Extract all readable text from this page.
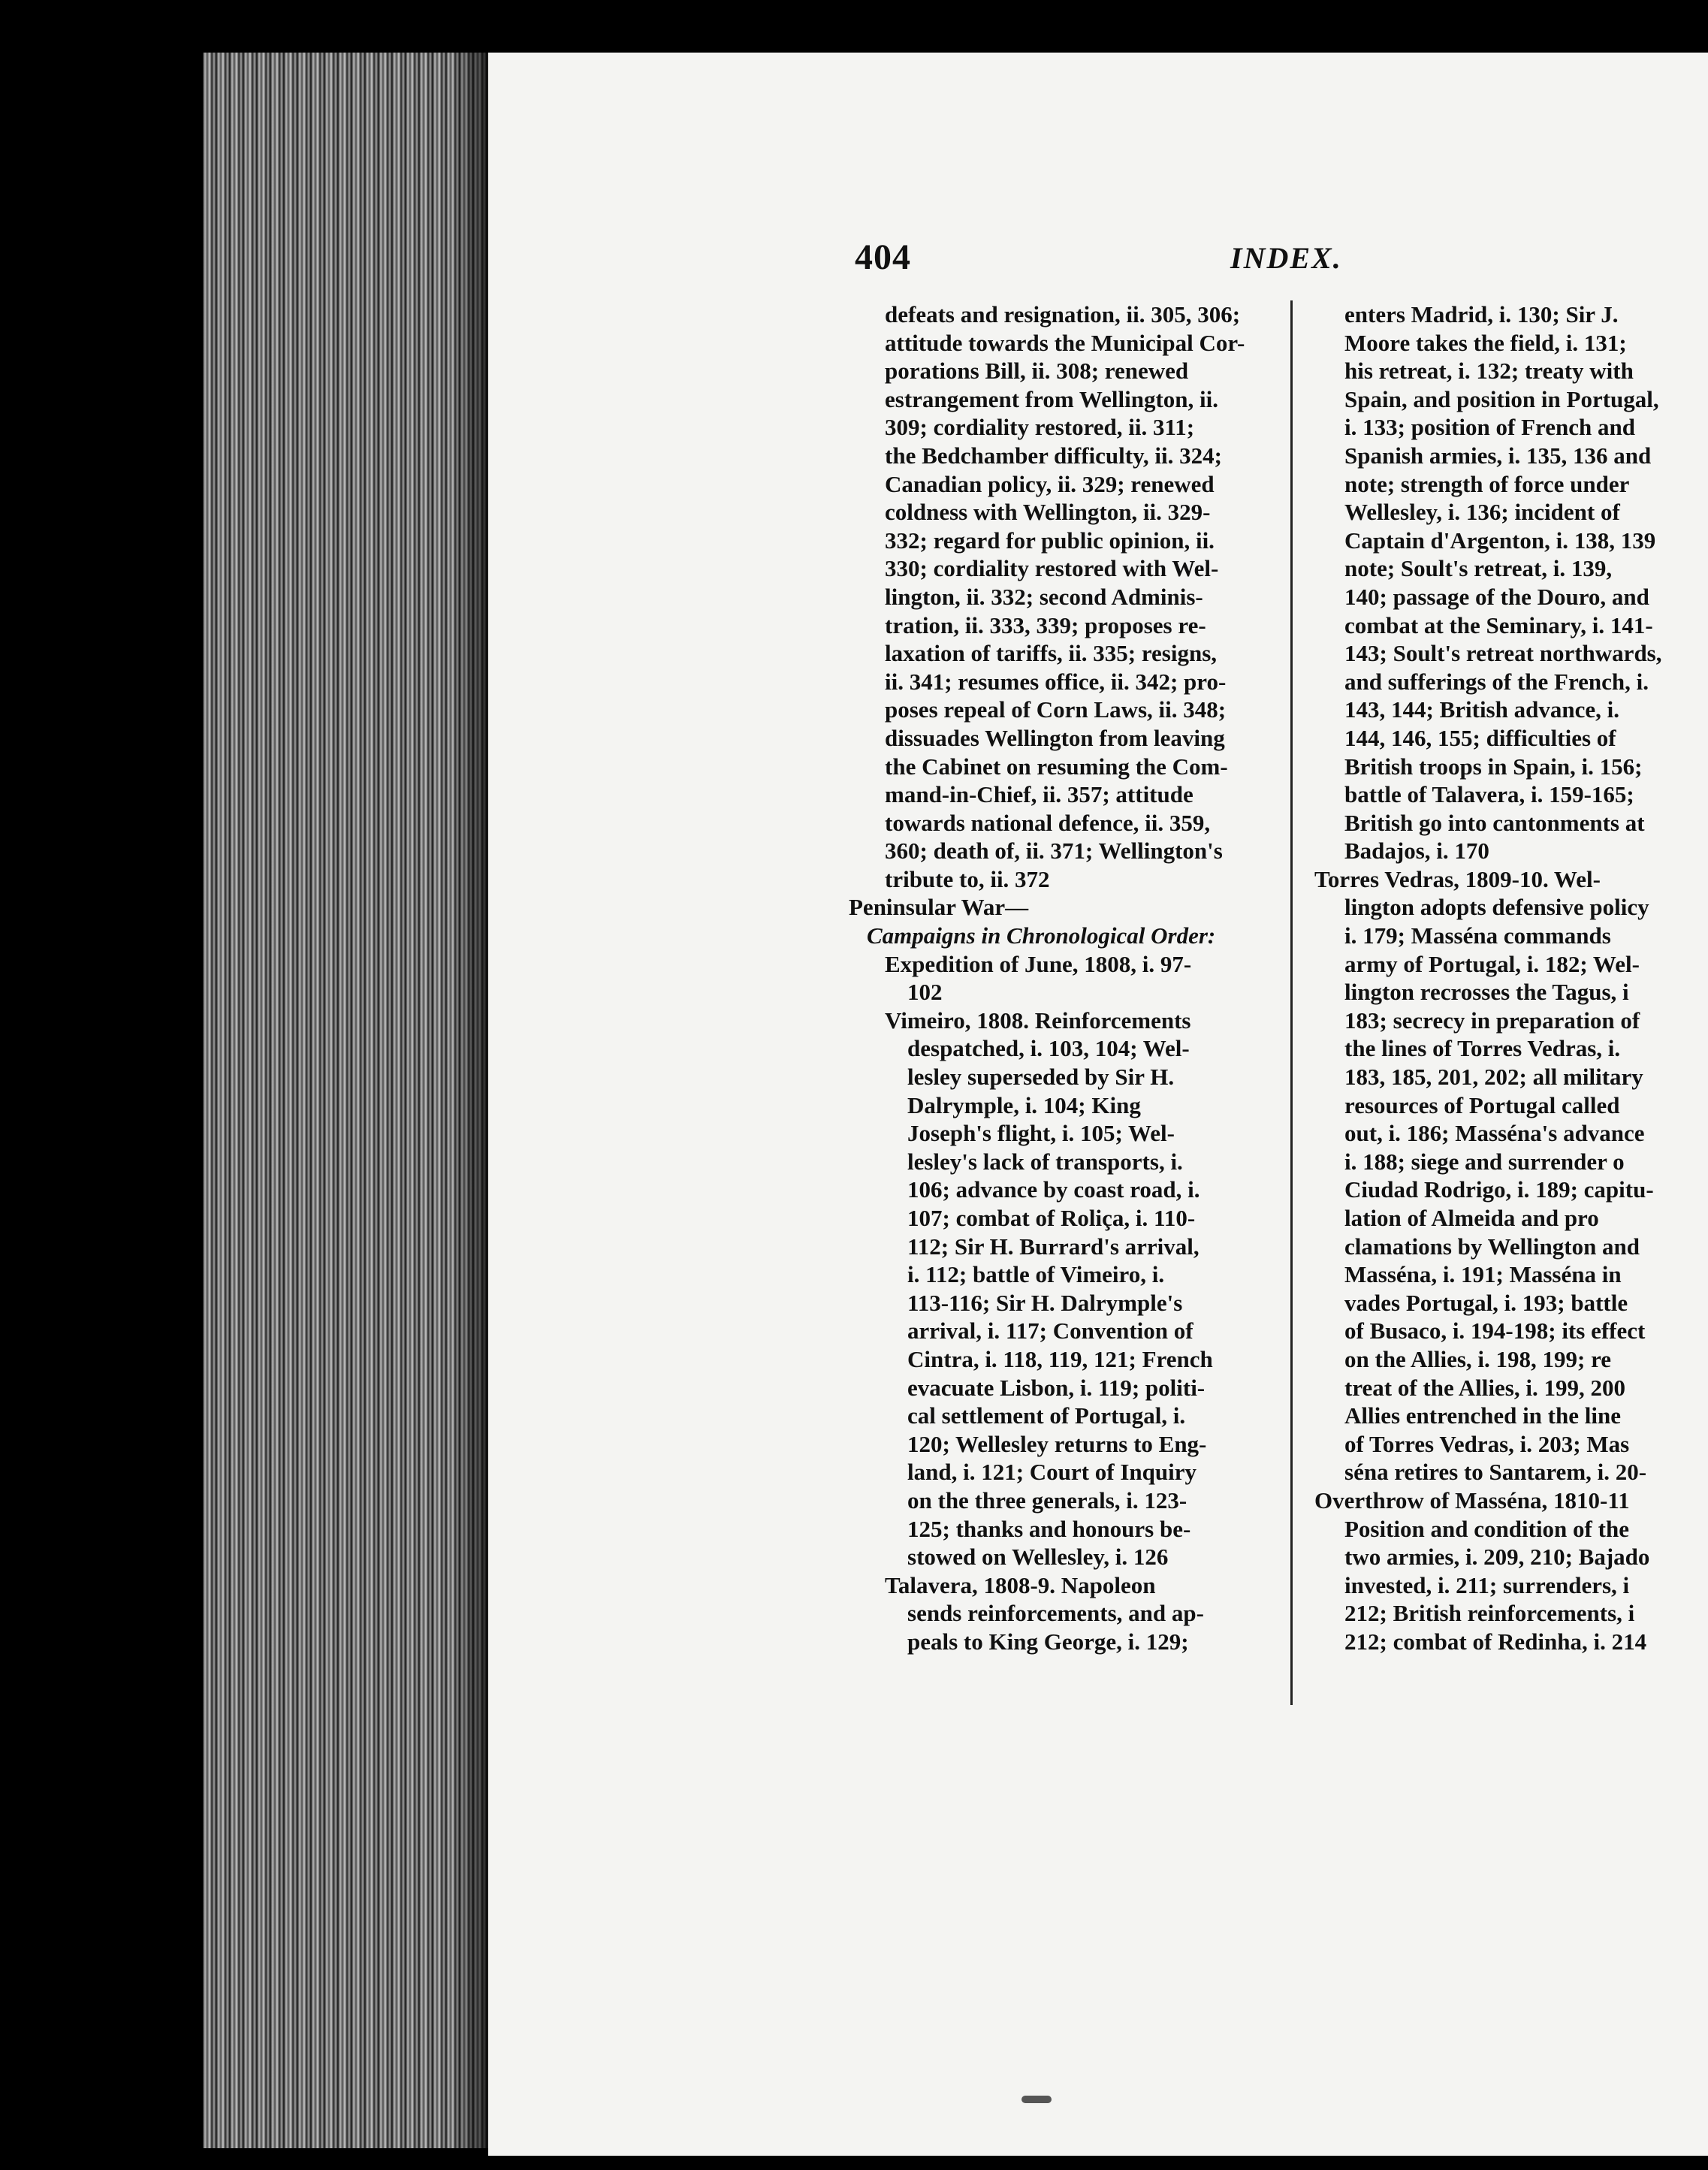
404	INDEX.
defeats and resignation, ii. 305, 306;
attitude towards the Municipal Cor-
porations Bill, ii. 308; renewed
estrangement from Wellington, ii.
309; cordiality restored, ii. 311;
the Bedchamber difficulty, ii. 324;
Canadian policy, ii. 329; renewed
coldness with Wellington, ii. 329-
332; regard for public opinion, ii.
330; cordiality restored with Wel-
lington, ii. 332; second Adminis-
tration, ii. 333, 339; proposes re-
laxation of tariffs, ii. 335; resigns,
ii. 341; resumes office, ii. 342; pro-
poses repeal of Corn Laws, ii. 348;
dissuades Wellington from leaving
the Cabinet on resuming the Com-
mand-in-Chief, ii. 357; attitude
towards national defence, ii. 359,
360; death of, ii. 371; Wellington's
tribute to, ii. 372
Peninsular War—
Campaigns in Chronological Order:
Expedition of June, 1808, i. 97-
102
Vimeiro, 1808. Reinforcements
despatched, i. 103, 104; Wel-
lesley superseded by Sir H.
Dalrymple, i. 104; King
Joseph's flight, i. 105; Wel-
lesley's lack of transports, i.
106; advance by coast road, i.
107; combat of Roliça, i. 110-
112; Sir H. Burrard's arrival,
i. 112; battle of Vimeiro, i.
113-116; Sir H. Dalrymple's
arrival, i. 117; Convention of
Cintra, i. 118, 119, 121; French
evacuate Lisbon, i. 119; politi-
cal settlement of Portugal, i.
120; Wellesley returns to Eng-
land, i. 121; Court of Inquiry
on the three generals, i. 123-
125; thanks and honours be-
stowed on Wellesley, i. 126
Talavera, 1808-9. Napoleon
sends reinforcements, and ap-
peals to King George, i. 129;
enters Madrid, i. 130; Sir J.
Moore takes the field, i. 131;
his retreat, i. 132; treaty with
Spain, and position in Portugal,
i. 133; position of French and
Spanish armies, i. 135, 136 and
note; strength of force under
Wellesley, i. 136; incident of
Captain d'Argenton, i. 138, 139
note; Soult's retreat, i. 139,
140; passage of the Douro, and
combat at the Seminary, i. 141-
143; Soult's retreat northwards,
and sufferings of the French, i.
143, 144; British advance, i.
144, 146, 155; difficulties of
British troops in Spain, i. 156;
battle of Talavera, i. 159-165;
British go into cantonments at
Badajos, i. 170
Torres Vedras, 1809-10. Wel-
lington adopts defensive policy
i. 179; Masséna commands
army of Portugal, i. 182; Wel-
lington recrosses the Tagus, i
183; secrecy in preparation of
the lines of Torres Vedras, i.
183, 185, 201, 202; all military
resources of Portugal called
out, i. 186; Masséna's advance
i. 188; siege and surrender o
Ciudad Rodrigo, i. 189; capitu-
lation of Almeida and pro
clamations by Wellington and
Masséna, i. 191; Masséna in
vades Portugal, i. 193; battle
of Busaco, i. 194-198; its effect
on the Allies, i. 198, 199; re
treat of the Allies, i. 199, 200
Allies entrenched in the line
of Torres Vedras, i. 203; Mas
séna retires to Santarem, i. 20-
Overthrow of Masséna, 1810-11
Position and condition of the
two armies, i. 209, 210; Bajado
invested, i. 211; surrenders, i
212; British reinforcements, i
212; combat of Redinha, i. 214
